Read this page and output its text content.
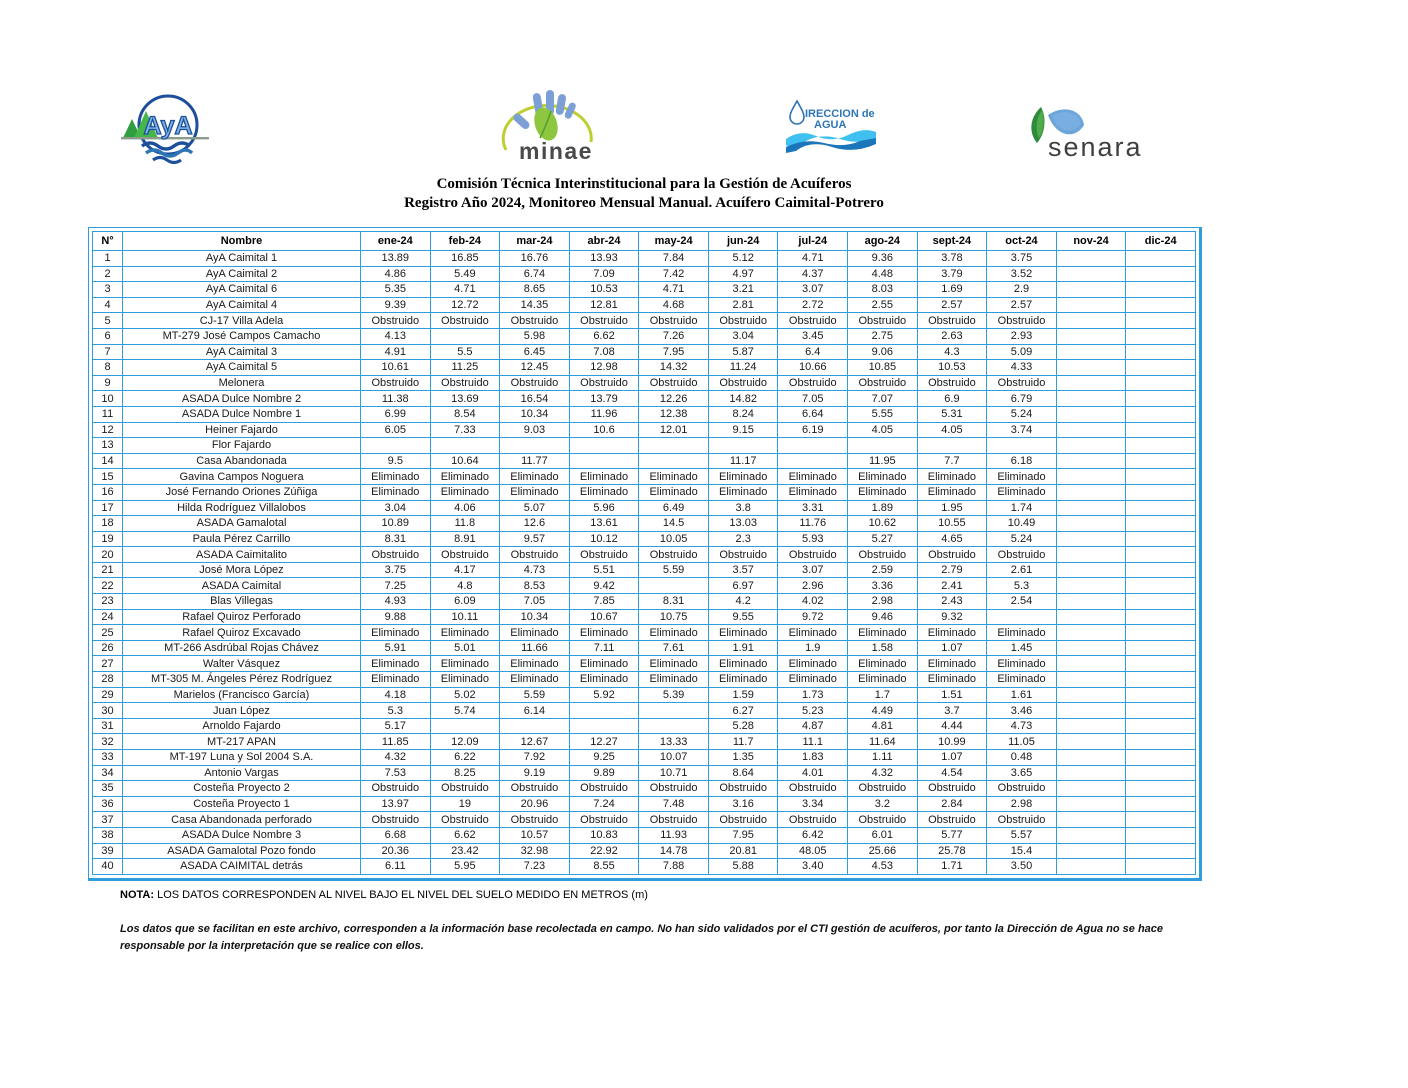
AyA
minae
IRECCION de
AGUA
senara
Comisión Técnica Interinstitucional para la Gestión de Acuíferos
Registro Año 2024, Monitoreo Mensual Manual. Acuífero Caimital-Potrero
N°	Nombre	ene-24	feb-24	mar-24	abr-24	may-24	jun-24	jul-24	ago-24	sept-24	oct-24	nov-24	dic-24
1	AyA Caimital 1	13.89	16.85	16.76	13.93	7.84	5.12	4.71	9.36	3.78	3.75		
2	AyA Caimital 2	4.86	5.49	6.74	7.09	7.42	4.97	4.37	4.48	3.79	3.52		
3	AyA Caimital 6	5.35	4.71	8.65	10.53	4.71	3.21	3.07	8.03	1.69	2.9		
4	AyA Caimital 4	9.39	12.72	14.35	12.81	4.68	2.81	2.72	2.55	2.57	2.57		
5	CJ-17 Villa Adela	Obstruido	Obstruido	Obstruido	Obstruido	Obstruido	Obstruido	Obstruido	Obstruido	Obstruido	Obstruido		
6	MT-279 José Campos Camacho	4.13		5.98	6.62	7.26	3.04	3.45	2.75	2.63	2.93		
7	AyA Caimital 3	4.91	5.5	6.45	7.08	7.95	5.87	6.4	9.06	4.3	5.09		
8	AyA Caimital 5	10.61	11.25	12.45	12.98	14.32	11.24	10.66	10.85	10.53	4.33		
9	Melonera	Obstruido	Obstruido	Obstruido	Obstruido	Obstruido	Obstruido	Obstruido	Obstruido	Obstruido	Obstruido		
10	ASADA Dulce Nombre 2	11.38	13.69	16.54	13.79	12.26	14.82	7.05	7.07	6.9	6.79		
11	ASADA Dulce Nombre 1	6.99	8.54	10.34	11.96	12.38	8.24	6.64	5.55	5.31	5.24		
12	Heiner Fajardo	6.05	7.33	9.03	10.6	12.01	9.15	6.19	4.05	4.05	3.74		
13	Flor Fajardo												
14	Casa Abandonada	9.5	10.64	11.77			11.17		11.95	7.7	6.18		
15	Gavina Campos Noguera	Eliminado	Eliminado	Eliminado	Eliminado	Eliminado	Eliminado	Eliminado	Eliminado	Eliminado	Eliminado		
16	José Fernando Oriones Zúñiga	Eliminado	Eliminado	Eliminado	Eliminado	Eliminado	Eliminado	Eliminado	Eliminado	Eliminado	Eliminado		
17	Hilda Rodríguez Villalobos	3.04	4.06	5.07	5.96	6.49	3.8	3.31	1.89	1.95	1.74		
18	ASADA Gamalotal	10.89	11.8	12.6	13.61	14.5	13.03	11.76	10.62	10.55	10.49		
19	Paula Pérez Carrillo	8.31	8.91	9.57	10.12	10.05	2.3	5.93	5.27	4.65	5.24		
20	ASADA Caimitalito	Obstruido	Obstruido	Obstruido	Obstruido	Obstruido	Obstruido	Obstruido	Obstruido	Obstruido	Obstruido		
21	José Mora López	3.75	4.17	4.73	5.51	5.59	3.57	3.07	2.59	2.79	2.61		
22	ASADA Caimital	7.25	4.8	8.53	9.42		6.97	2.96	3.36	2.41	5.3		
23	Blas Villegas	4.93	6.09	7.05	7.85	8.31	4.2	4.02	2.98	2.43	2.54		
24	Rafael Quiroz Perforado	9.88	10.11	10.34	10.67	10.75	9.55	9.72	9.46	9.32			
25	Rafael Quiroz Excavado	Eliminado	Eliminado	Eliminado	Eliminado	Eliminado	Eliminado	Eliminado	Eliminado	Eliminado	Eliminado		
26	MT-266 Asdrúbal Rojas Chávez	5.91	5.01	11.66	7.11	7.61	1.91	1.9	1.58	1.07	1.45		
27	Walter Vásquez	Eliminado	Eliminado	Eliminado	Eliminado	Eliminado	Eliminado	Eliminado	Eliminado	Eliminado	Eliminado		
28	MT-305 M. Ángeles Pérez Rodríguez	Eliminado	Eliminado	Eliminado	Eliminado	Eliminado	Eliminado	Eliminado	Eliminado	Eliminado	Eliminado		
29	Marielos (Francisco García)	4.18	5.02	5.59	5.92	5.39	1.59	1.73	1.7	1.51	1.61		
30	Juan López	5.3	5.74	6.14			6.27	5.23	4.49	3.7	3.46		
31	Arnoldo Fajardo	5.17					5.28	4.87	4.81	4.44	4.73		
32	MT-217 APAN	11.85	12.09	12.67	12.27	13.33	11.7	11.1	11.64	10.99	11.05		
33	MT-197 Luna y Sol 2004 S.A.	4.32	6.22	7.92	9.25	10.07	1.35	1.83	1.11	1.07	0.48		
34	Antonio Vargas	7.53	8.25	9.19	9.89	10.71	8.64	4.01	4.32	4.54	3.65		
35	Costeña Proyecto 2	Obstruido	Obstruido	Obstruido	Obstruido	Obstruido	Obstruido	Obstruido	Obstruido	Obstruido	Obstruido		
36	Costeña Proyecto 1	13.97	19	20.96	7.24	7.48	3.16	3.34	3.2	2.84	2.98		
37	Casa Abandonada perforado	Obstruido	Obstruido	Obstruido	Obstruido	Obstruido	Obstruido	Obstruido	Obstruido	Obstruido	Obstruido		
38	ASADA Dulce Nombre 3	6.68	6.62	10.57	10.83	11.93	7.95	6.42	6.01	5.77	5.57		
39	ASADA Gamalotal Pozo fondo	20.36	23.42	32.98	22.92	14.78	20.81	48.05	25.66	25.78	15.4		
40	ASADA CAIMITAL detrás	6.11	5.95	7.23	8.55	7.88	5.88	3.40	4.53	1.71	3.50		
NOTA: LOS DATOS CORRESPONDEN AL NIVEL BAJO EL NIVEL DEL SUELO MEDIDO EN METROS (m)
Los datos que se facilitan en este archivo, corresponden a la información base recolectada en campo. No han sido validados por el CTI gestión de acuíferos, por tanto la Dirección de Agua no se hace responsable por la interpretación que se realice con ellos.
